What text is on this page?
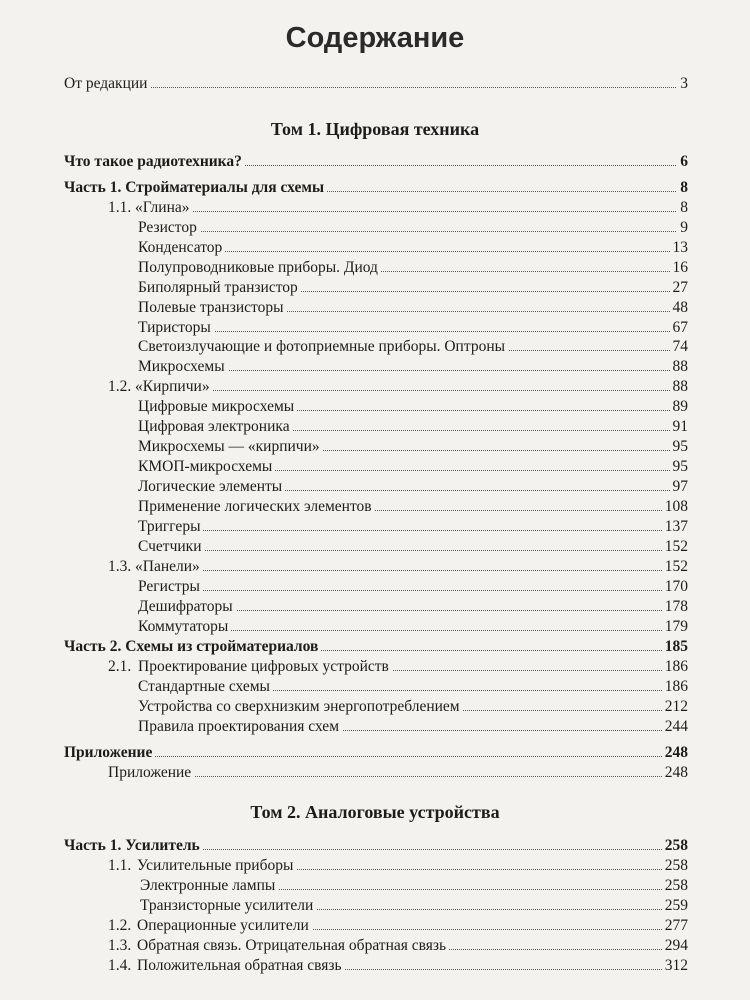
Содержание
От редакции	3
Том 1. Цифровая техника
Что такое радиотехника?	6
Часть 1. Стройматериалы для схемы	8
1.1. «Глина»	8
Резистор	9
Конденсатор	13
Полупроводниковые приборы. Диод	16
Биполярный транзистор	27
Полевые транзисторы	48
Тиристоры	67
Светоизлучающие и фотоприемные приборы. Оптроны	74
Микросхемы	88
1.2. «Кирпичи»	88
Цифровые микросхемы	89
Цифровая электроника	91
Микросхемы — «кирпичи»	95
КМОП-микросхемы	95
Логические элементы	97
Применение логических элементов	108
Триггеры	137
Счетчики	152
1.3. «Панели»	152
Регистры	170
Дешифраторы	178
Коммутаторы	179
Часть 2. Схемы из стройматериалов	185
2.1. Проектирование цифровых устройств	186
Стандартные схемы	186
Устройства со сверхнизким энергопотреблением	212
Правила проектирования схем	244
Приложение	248
Приложение	248
Том 2. Аналоговые устройства
Часть 1. Усилитель	258
1.1. Усилительные приборы	258
Электронные лампы	258
Транзисторные усилители	259
1.2. Операционные усилители	277
1.3. Обратная связь. Отрицательная обратная связь	294
1.4. Положительная обратная связь	312
